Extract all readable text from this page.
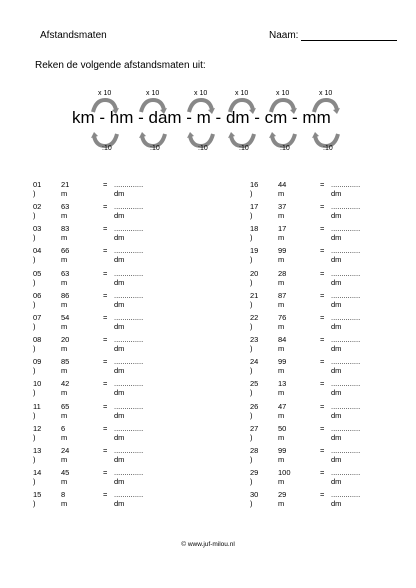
Afstandsmaten	Naam:
Reken de volgende afstandsmaten uit:
x 10
:10
x 10
:10
x 10
:10
x 10
:10
x 10
:10
x 10
:10
km - hm - dam - m - dm - cm - mm
01 )
21 m
= .............. dm
02 )
63 m
= .............. dm
03 )
83 m
= .............. dm
04 )
66 m
= .............. dm
05 )
63 m
= .............. dm
06 )
86 m
= .............. dm
07 )
54 m
= .............. dm
08 )
20 m
= .............. dm
09 )
85 m
= .............. dm
10 )
42 m
= .............. dm
11 )
65 m
= .............. dm
12 )
6 m
= .............. dm
13 )
24 m
= .............. dm
14 )
45 m
= .............. dm
15 )
8 m
= .............. dm
16 )
44 m
= .............. dm
17 )
37 m
= .............. dm
18 )
17 m
= .............. dm
19 )
99 m
= .............. dm
20 )
28 m
= .............. dm
21 )
87 m
= .............. dm
22 )
76 m
= .............. dm
23 )
84 m
= .............. dm
24 )
99 m
= .............. dm
25 )
13 m
= .............. dm
26 )
47 m
= .............. dm
27 )
50 m
= .............. dm
28 )
99 m
= .............. dm
29 )
100 m
= .............. dm
30 )
29 m
= .............. dm
© www.juf-milou.nl
